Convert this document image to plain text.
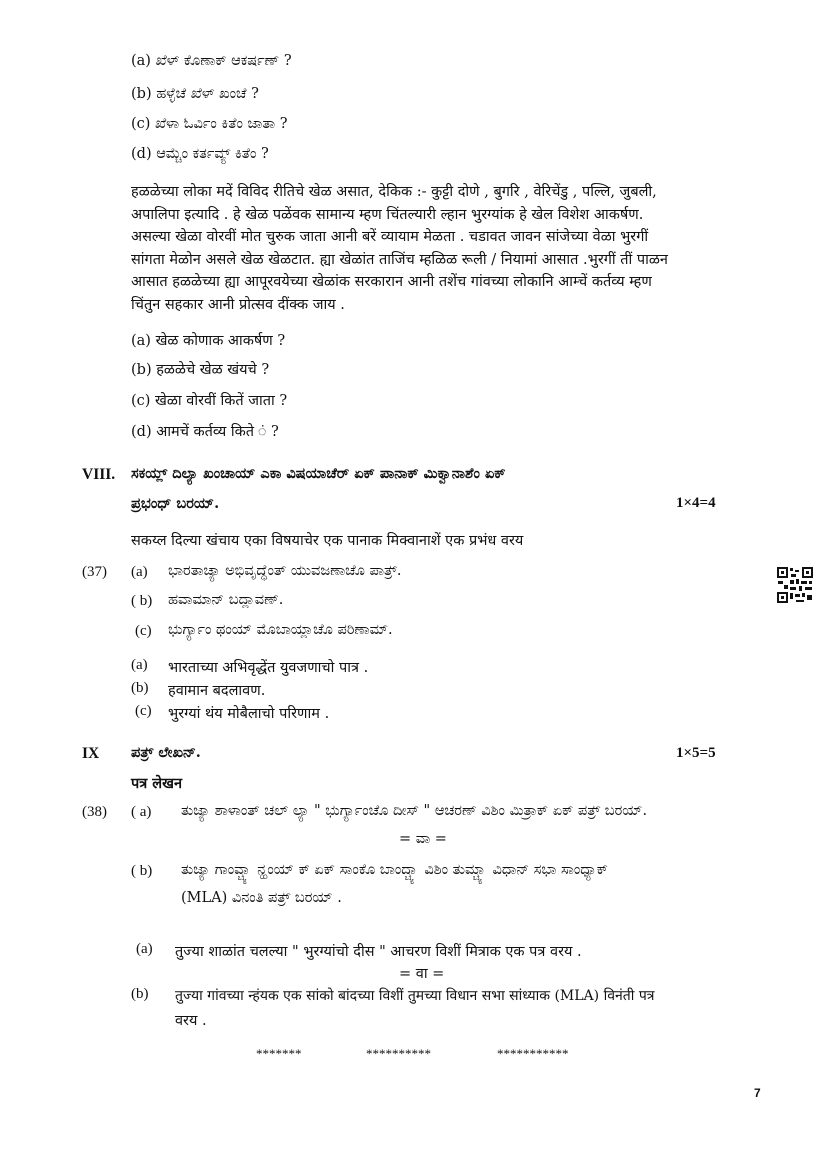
(a) ಖೆಳ್ ಕೊಣಾಕ್ ಆಕರ್ಷಣ್ ?
(b) ಹಳ್ಳೆಚೆ ಖೆಳ್ ಖಂಚೆ ?
(c) ಖೆಳಾ ಓರ್ವಿಂ ಕಿತೆಂ ಜಾತಾ ?
(d) ಆಮ್ಚೆಂ ಕರ್ತವ್ಯ್ ಕಿತೆಂ ?
हळळेच्या लोका मदें विविद रीतिचे खेळ असात, देकिक :- कुट्टी दोणे , बुगरि , वेरिचेंडु , पल्लि, जुबली,
अपालिपा इत्यादि . हे खेळ पळेंवक सामान्य म्हण चिंतल्यारी ल्हान भुरग्यांक हे खेल विशेश आकर्षण.
असल्या खेळा वोरवीं मोत चुरुक जाता आनी बरें व्यायाम मेळता . चडावत जावन सांजेच्या वेळा भुरगीं
सांगता मेळोन असले खेळ खेळटात. ह्या खेळांत ताजिंच म्हळिळ रूली / नियामां आसात .भुरगीं तीं पाळन
आसात हळळेच्या ह्या आपूरवयेच्या खेळांक सरकारान आनी तशेंच गांवच्या लोकानि आम्चें कर्तव्य म्हण
चिंतुन सहकार आनी प्रोत्सव दींक्क जाय .
(a) खेळ कोणाक आकर्षण ?
(b) हळळेचे खेळ खंयचे ?
(c) खेळा वोरवीं कितें जाता ?
(d) आमचें कर्तव्य किते ं ?
VIII. ಸಕಯ್ಲ್ ದಿಲ್ಯಾ ಖಂಚಾಯ್ ಎಕಾ ವಿಷಯಾಚೆರ್ ಏಕ್ ಪಾನಾಕ್ ಮಿಕ್ವಾನಾಶೆಂ ಏಕ್
ಪ್ರಭಂಧ್ ಬರಯ್.	1×4=4
सकय्ल दिल्या खंचाय एका विषयाचेर एक पानाक मिक्वानाशें एक प्रभंध वरय
(37) (a) ಭಾರತಾಚ್ಯಾ ಅಭಿವೃದ್ಧೆಂತ್ ಯುವಜಣಾಚೊ ಪಾತ್ರ್.
( b) ಹವಾಮಾನ್ ಬದ್ಲಾವಣ್.
(c) ಭುರ್ಗ್ಯಾಂ ಥಂಯ್ ಮೊಬಾಯ್ಲಾಚೊ ಪರಿಣಾಮ್.
(a) भारताच्या अभिवृद्धेंत युवजणाचो पात्र .
(b) हवामान बदलावण.
(c) भुरग्यां थंय मोबैलाचो परिणाम .
IX ಪತ್ರ್ ಲೇಖನ್.	1×5=5
पत्र लेखन
(38) ( a) ತುಜ್ಯಾ ಶಾಳಾಂತ್ ಚಲ್ ಲ್ಯಾ " ಭುರ್ಗ್ಯಾಂಚೊ ದೀಸ್ " ಆಚರಣ್ ವಿಶಿಂ ಮಿತ್ರಾಕ್ ಏಕ್ ಪತ್ರ್ ಬರಯ್.
= ವಾ =
( b) ತುಜ್ಯಾ ಗಾಂವ್ಚ್ಯಾ ನ್ಹಂಯ್ ಕ್ ಏಕ್ ಸಾಂಕೊ ಬಾಂದ್ಚ್ಯಾ ವಿಶಿಂ ತುಮ್ಚ್ಯಾ ವಿಧಾನ್ ಸಭಾ ಸಾಂಧ್ಯಾಕ್
(MLA) ವಿನಂತಿ ಪತ್ರ್ ಬರಯ್ .
(a) तुज्या शाळांत चलल्या " भुरग्यांचो दीस " आचरण विशीं मित्राक एक पत्र वरय .
= वा =
(b) तुज्या गांवच्या न्हंयक एक सांको बांदच्या विशीं तुमच्या विधान सभा सांध्याक (MLA) विनंती पत्र
वरय .
*******	**********	***********
7
